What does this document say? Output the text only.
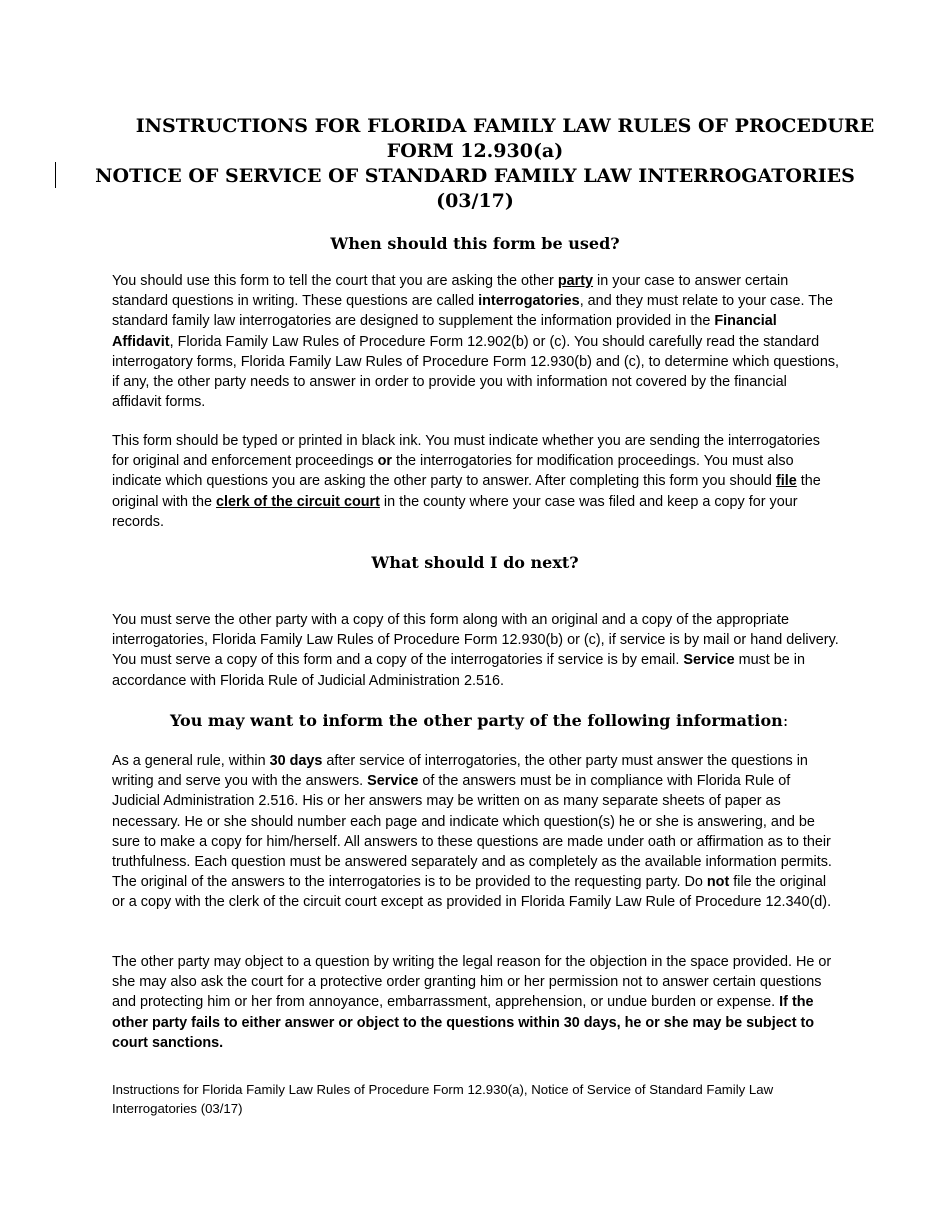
INSTRUCTIONS FOR FLORIDA FAMILY LAW RULES OF PROCEDURE
FORM 12.930(a)
NOTICE OF SERVICE OF STANDARD FAMILY LAW INTERROGATORIES
(03/17)
When should this form be used?
You should use this form to tell the court that you are asking the other party in your case to answer certain standard questions in writing. These questions are called interrogatories, and they must relate to your case. The standard family law interrogatories are designed to supplement the information provided in the Financial Affidavit, Florida Family Law Rules of Procedure Form 12.902(b) or (c). You should carefully read the standard interrogatory forms, Florida Family Law Rules of Procedure Form 12.930(b) and (c), to determine which questions, if any, the other party needs to answer in order to provide you with information not covered by the financial affidavit forms.
This form should be typed or printed in black ink. You must indicate whether you are sending the interrogatories for original and enforcement proceedings or the interrogatories for modification proceedings. You must also indicate which questions you are asking the other party to answer. After completing this form you should file the original with the clerk of the circuit court in the county where your case was filed and keep a copy for your records.
What should I do next?
You must serve the other party with a copy of this form along with an original and a copy of the appropriate interrogatories, Florida Family Law Rules of Procedure Form 12.930(b) or (c), if service is by mail or hand delivery. You must serve a copy of this form and a copy of the interrogatories if service is by email. Service must be in accordance with Florida Rule of Judicial Administration 2.516.
You may want to inform the other party of the following information:
As a general rule, within 30 days after service of interrogatories, the other party must answer the questions in writing and serve you with the answers. Service of the answers must be in compliance with Florida Rule of Judicial Administration 2.516. His or her answers may be written on as many separate sheets of paper as necessary. He or she should number each page and indicate which question(s) he or she is answering, and be sure to make a copy for him/herself. All answers to these questions are made under oath or affirmation as to their truthfulness. Each question must be answered separately and as completely as the available information permits. The original of the answers to the interrogatories is to be provided to the requesting party. Do not file the original or a copy with the clerk of the circuit court except as provided in Florida Family Law Rule of Procedure 12.340(d).
The other party may object to a question by writing the legal reason for the objection in the space provided. He or she may also ask the court for a protective order granting him or her permission not to answer certain questions and protecting him or her from annoyance, embarrassment, apprehension, or undue burden or expense. If the other party fails to either answer or object to the questions within 30 days, he or she may be subject to court sanctions.
Instructions for Florida Family Law Rules of Procedure Form 12.930(a), Notice of Service of Standard Family Law Interrogatories (03/17)
